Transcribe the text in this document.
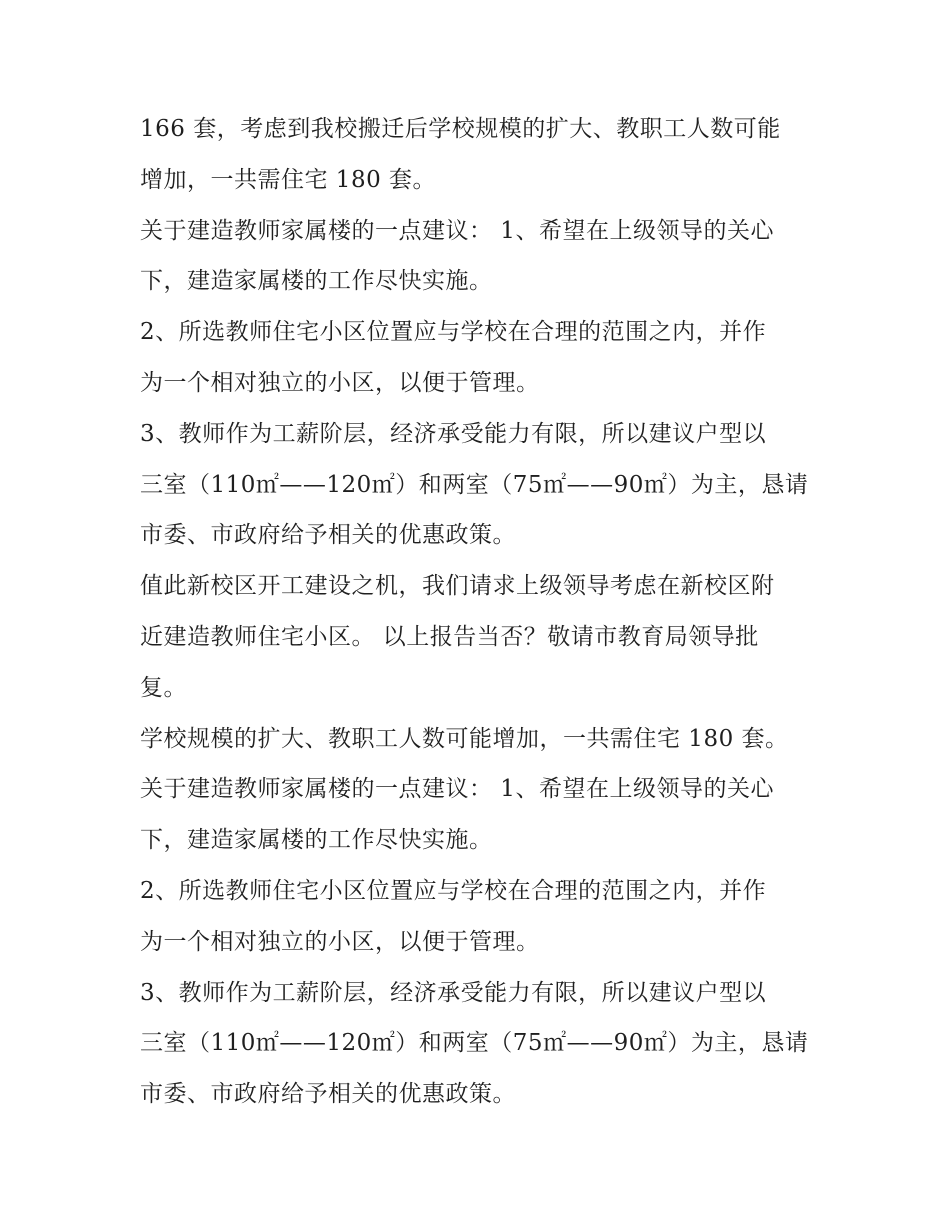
166 套，考虑到我校搬迁后学校规模的扩大、教职工人数可能
增加，一共需住宅 180 套。
关于建造教师家属楼的一点建议： 1、希望在上级领导的关心
下，建造家属楼的工作尽快实施。
2、所选教师住宅小区位置应与学校在合理的范围之内，并作
为一个相对独立的小区，以便于管理。
3、教师作为工薪阶层，经济承受能力有限，所以建议户型以
三室（110㎡——120㎡）和两室（75㎡——90㎡）为主，恳请
市委、市政府给予相关的优惠政策。
值此新校区开工建设之机，我们请求上级领导考虑在新校区附
近建造教师住宅小区。 以上报告当否？敬请市教育局领导批
复。
学校规模的扩大、教职工人数可能增加，一共需住宅 180 套。
关于建造教师家属楼的一点建议： 1、希望在上级领导的关心
下，建造家属楼的工作尽快实施。
2、所选教师住宅小区位置应与学校在合理的范围之内，并作
为一个相对独立的小区，以便于管理。
3、教师作为工薪阶层，经济承受能力有限，所以建议户型以
三室（110㎡——120㎡）和两室（75㎡——90㎡）为主，恳请
市委、市政府给予相关的优惠政策。
